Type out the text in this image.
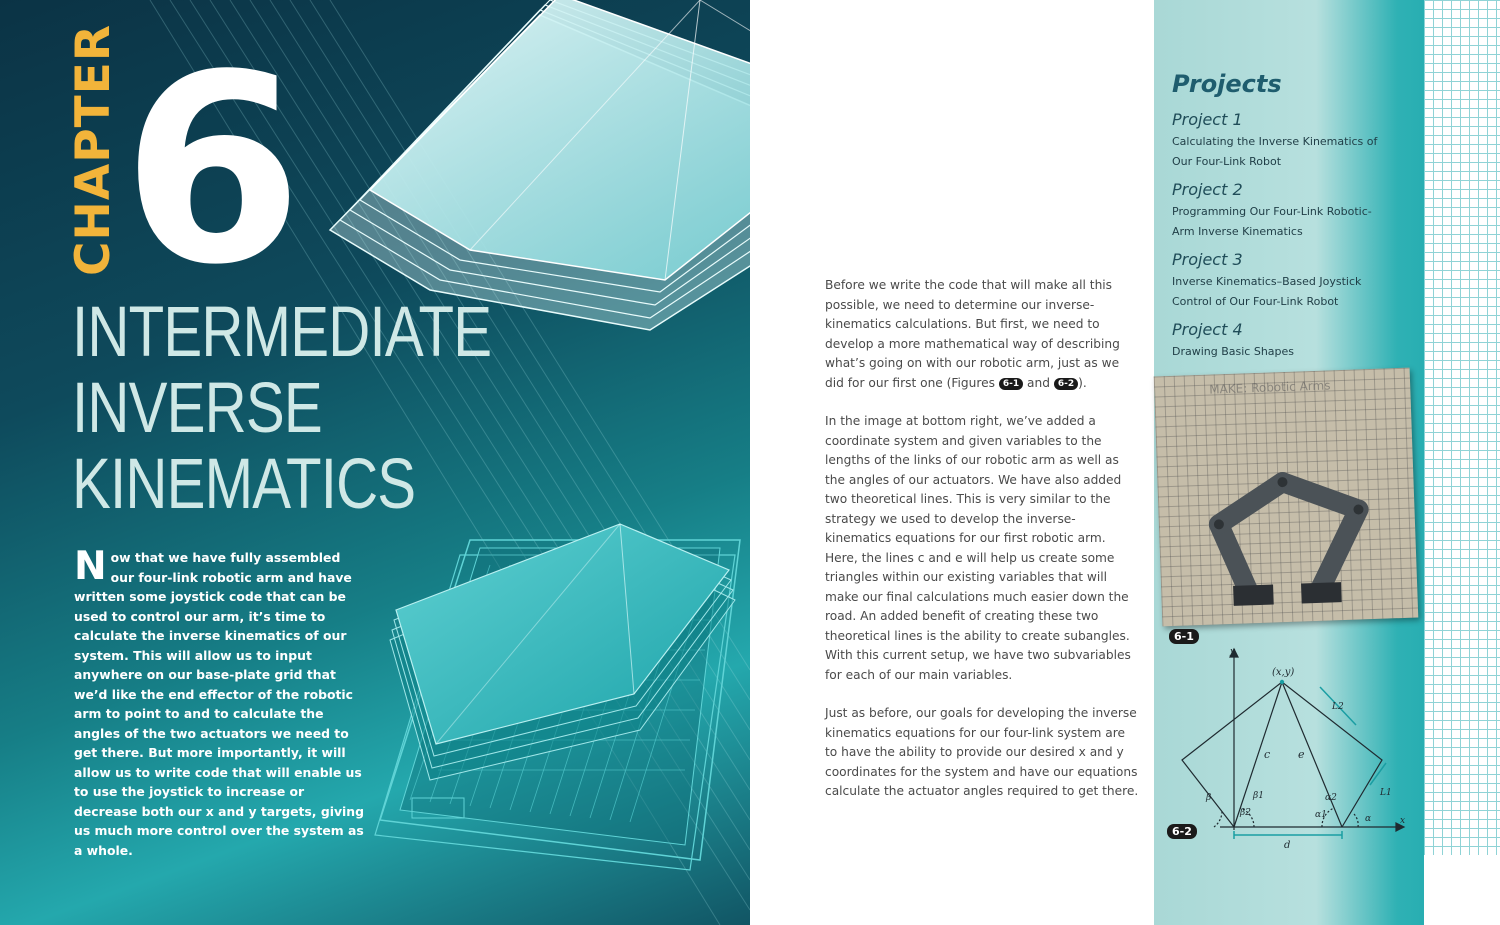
CHAPTER 6
INTERMEDIATE
INVERSE
KINEMATICS
Now that we have fully assembled our four-link robotic arm and have written some joystick code that can be used to control our arm, it’s time to calculate the inverse kinematics of our system. This will allow us to input anywhere on our base-plate grid that we’d like the end effector of the robotic arm to point to and to calculate the angles of the two actuators we need to get there. But more importantly, it will allow us to write code that will enable us to use the joystick to increase or decrease both our x and y targets, giving us much more control over the system as a whole.
Before we write the code that will make all this possible, we need to determine our inverse-kinematics calculations. But first, we need to develop a more mathematical way of describing what’s going on with our robotic arm, just as we did for our first one (Figures 6-1 and 6-2 ).
In the image at bottom right, we’ve added a coordinate system and given variables to the lengths of the links of our robotic arm as well as the angles of our actuators. We have also added two theoretical lines. This is very similar to the strategy we used to develop the inverse-kinematics equations for our first robotic arm. Here, the lines c and e will help us create some triangles within our existing variables that will make our final calculations much easier down the road. An added benefit of creating these two theoretical lines is the ability to create subangles. With this current setup, we have two subvariables for each of our main variables.
Just as before, our goals for developing the inverse kinematics equations for our four-link system are to have the ability to provide our desired x and y coordinates for the system and have our equations calculate the actuator angles required to get there.
Projects
Project 1
Calculating the Inverse Kinematics of Our Four-Link Robot
Project 2
Programming Our Four-Link Robotic-Arm Inverse Kinematics
Project 3
Inverse Kinematics–Based Joystick Control of Our Four-Link Robot
Project 4
Drawing Basic Shapes
MAKE: Robotic Arms
6-1
(x,y)
y
x
c	e
d
L2
L1
α2
α1	α
β1
β2
β
6-2
